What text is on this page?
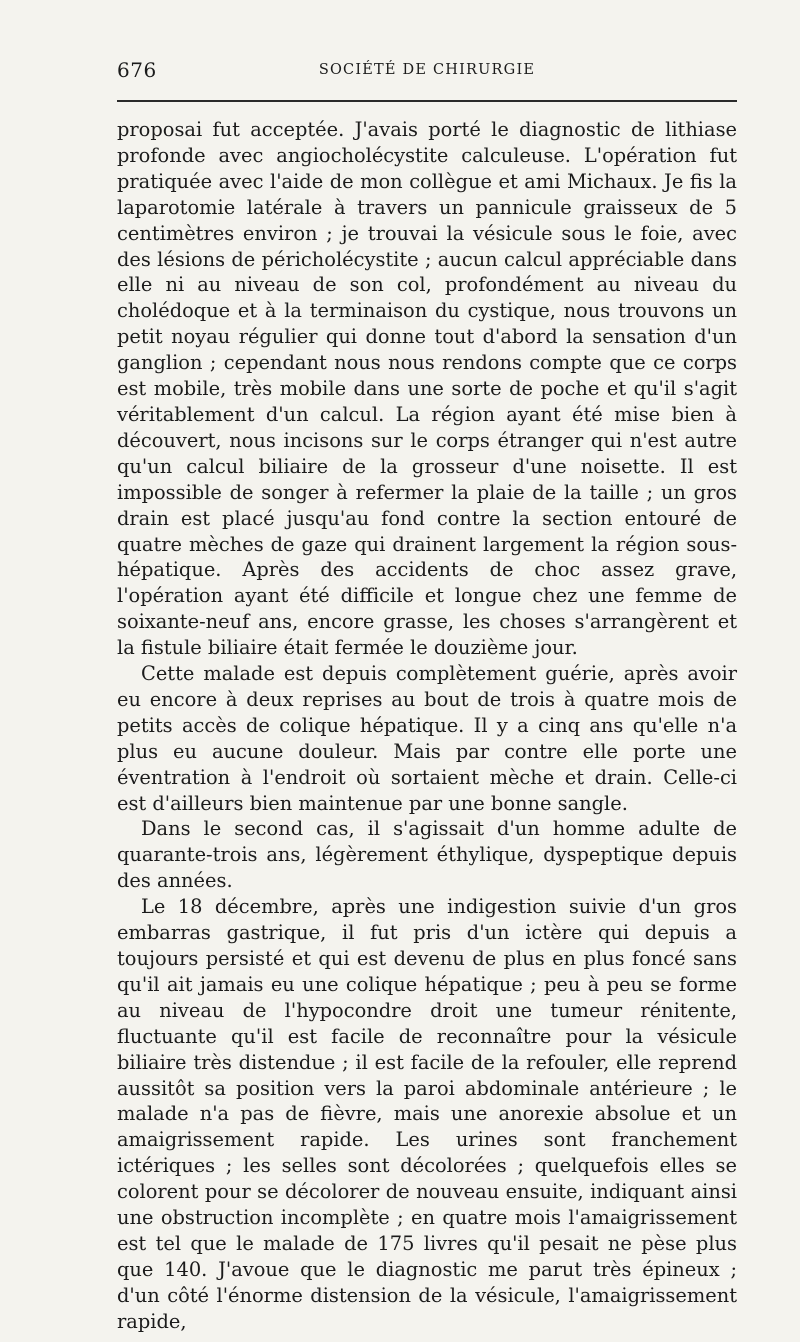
676	SOCIÉTÉ DE CHIRURGIE

proposai fut acceptée. J'avais porté le diagnostic de lithiase profonde avec angiocholécystite calculeuse. L'opération fut pratiquée avec l'aide de mon collègue et ami Michaux. Je fis la laparotomie latérale à travers un pannicule graisseux de 5 centimètres environ ; je trouvai la vésicule sous le foie, avec des lésions de péricholécystite ; aucun calcul appréciable dans elle ni au niveau de son col, profondément au niveau du cholédoque et à la terminaison du cystique, nous trouvons un petit noyau régulier qui donne tout d'abord la sensation d'un ganglion ; cependant nous nous rendons compte que ce corps est mobile, très mobile dans une sorte de poche et qu'il s'agit véritablement d'un calcul. La région ayant été mise bien à découvert, nous incisons sur le corps étranger qui n'est autre qu'un calcul biliaire de la grosseur d'une noisette. Il est impossible de songer à refermer la plaie de la taille ; un gros drain est placé jusqu'au fond contre la section entouré de quatre mèches de gaze qui drainent largement la région sous-hépatique. Après des accidents de choc assez grave, l'opération ayant été difficile et longue chez une femme de soixante-neuf ans, encore grasse, les choses s'arrangèrent et la fistule biliaire était fermée le douzième jour.

Cette malade est depuis complètement guérie, après avoir eu encore à deux reprises au bout de trois à quatre mois de petits accès de colique hépatique. Il y a cinq ans qu'elle n'a plus eu aucune douleur. Mais par contre elle porte une éventration à l'endroit où sortaient mèche et drain. Celle-ci est d'ailleurs bien maintenue par une bonne sangle.

Dans le second cas, il s'agissait d'un homme adulte de quarante-trois ans, légèrement éthylique, dyspeptique depuis des années.

Le 18 décembre, après une indigestion suivie d'un gros embarras gastrique, il fut pris d'un ictère qui depuis a toujours persisté et qui est devenu de plus en plus foncé sans qu'il ait jamais eu une colique hépatique ; peu à peu se forme au niveau de l'hypocondre droit une tumeur rénitente, fluctuante qu'il est facile de reconnaître pour la vésicule biliaire très distendue ; il est facile de la refouler, elle reprend aussitôt sa position vers la paroi abdominale antérieure ; le malade n'a pas de fièvre, mais une anorexie absolue et un amaigrissement rapide. Les urines sont franchement ictériques ; les selles sont décolorées ; quelquefois elles se colorent pour se décolorer de nouveau ensuite, indiquant ainsi une obstruction incomplète ; en quatre mois l'amaigrissement est tel que le malade de 175 livres qu'il pesait ne pèse plus que 140. J'avoue que le diagnostic me parut très épineux ; d'un côté l'énorme distension de la vésicule, l'amaigrissement rapide,
